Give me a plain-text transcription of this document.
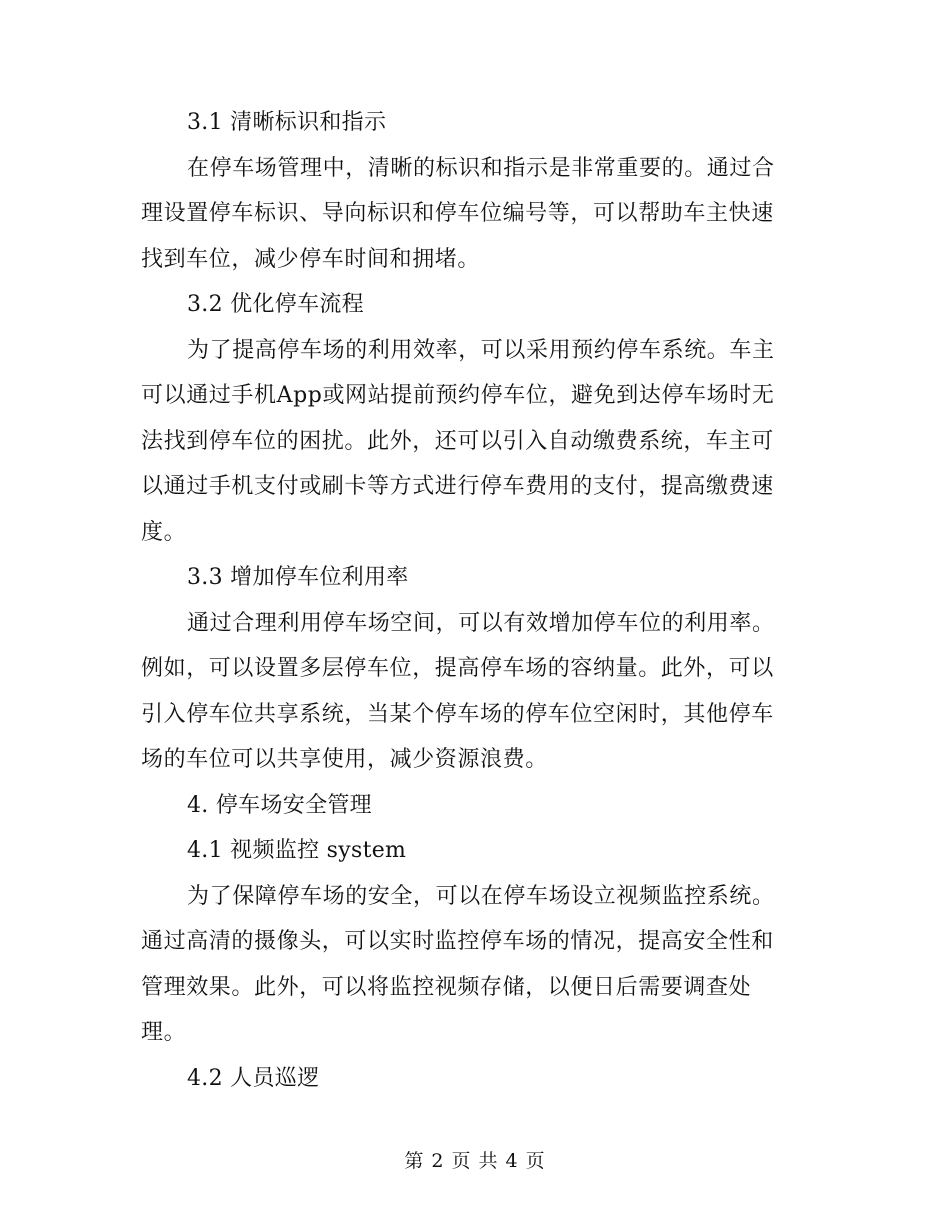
3.1 清晰标识和指示
在停车场管理中，清晰的标识和指示是非常重要的。通过合
理设置停车标识、导向标识和停车位编号等，可以帮助车主快速
找到车位，减少停车时间和拥堵。
3.2 优化停车流程
为了提高停车场的利用效率，可以采用预约停车系统。车主
可以通过手机App或网站提前预约停车位，避免到达停车场时无
法找到停车位的困扰。此外，还可以引入自动缴费系统，车主可
以通过手机支付或刷卡等方式进行停车费用的支付，提高缴费速
度。
3.3 增加停车位利用率
通过合理利用停车场空间，可以有效增加停车位的利用率。
例如，可以设置多层停车位，提高停车场的容纳量。此外，可以
引入停车位共享系统，当某个停车场的停车位空闲时，其他停车
场的车位可以共享使用，减少资源浪费。
4. 停车场安全管理
4.1 视频监控 system
为了保障停车场的安全，可以在停车场设立视频监控系统。
通过高清的摄像头，可以实时监控停车场的情况，提高安全性和
管理效果。此外，可以将监控视频存储，以便日后需要调查处
理。
4.2 人员巡逻
第 2 页 共 4 页
